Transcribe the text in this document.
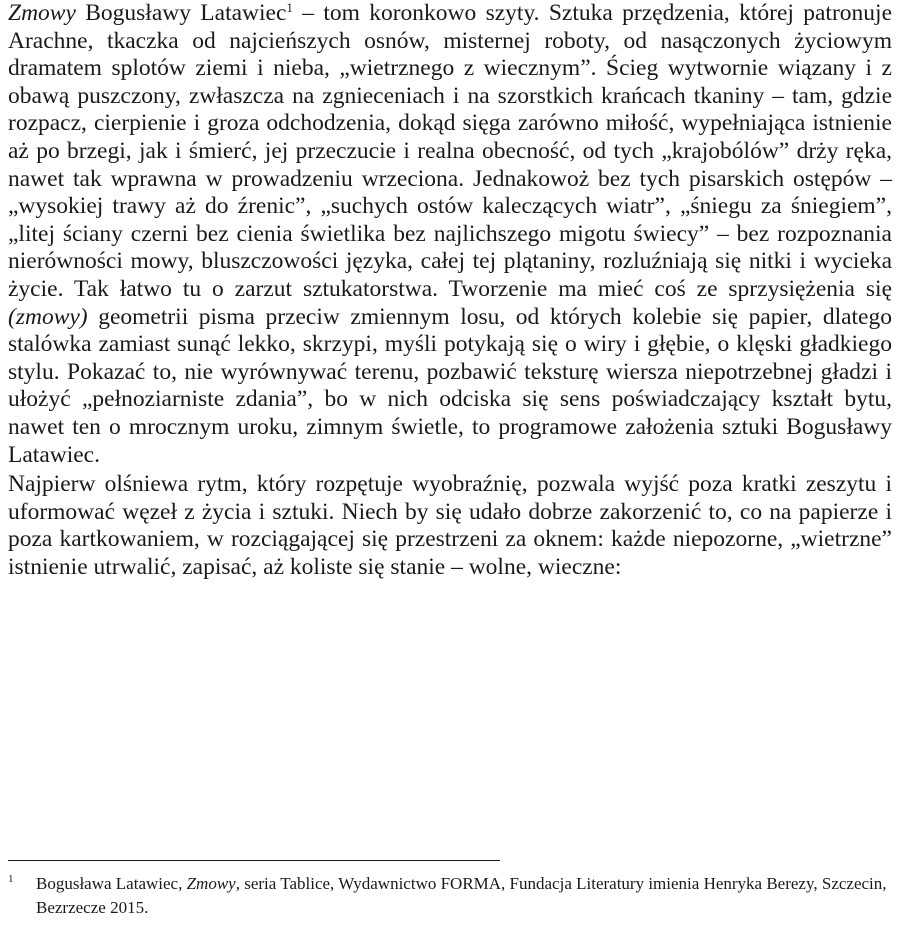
Zmowy Bogusławy Latawiec$^1$ – tom koronkowo szyty. Sztuka przędzenia, której patronuje Arachne, tkaczka od najcieńszych osnów, misternej roboty, od nasączonych życiowym dramatem splotów ziemi i nieba, „wietrznego z wiecznym”. Ścieg wytwornie wiązany i z obawą puszczony, zwłaszcza na zgnieceniach i na szorstkich krańcach tkaniny – tam, gdzie rozpacz, cierpienie i groza odchodzenia, dokąd sięga zarówno miłość, wypełniająca istnienie aż po brzegi, jak i śmierć, jej przeczucie i realna obecność, od tych „krajobólów” drży ręka, nawet tak wprawna w prowadzeniu wrzeciona. Jednakowoż bez tych pisarskich ostępów – „wysokiej trawy aż do źrenic”, „suchych ostów kaleczących wiatr”, „śniegu za śniegiem”, „litej ściany czerni bez cienia świetlika bez najlichszego migotu świecy” – bez rozpoznania nierówności mowy, bluszczowości języka, całej tej plątaniny, rozluźniają się nitki i wycieka życie. Tak łatwo tu o zarzut sztukatorstwa. Tworzenie ma mieć coś ze sprzysiężenia się (zmowy) geometrii pisma przeciw zmiennym losu, od których kolebie się papier, dlatego stalówka zamiast sunąć lekko, skrzypi, myśli potykają się o wiry i głębie, o klęski gładkiego stylu. Pokazać to, nie wyrównywać terenu, pozbawić teksturę wiersza niepotrzebnej gładzi i ułożyć „pełnoziarniste zdania”, bo w nich odciska się sens poświadczający kształt bytu, nawet ten o mrocznym uroku, zimnym świetle, to programowe założenia sztuki Bogusławy Latawiec.

Najpierw olśniewa rytm, który rozpętuje wyobraźnię, pozwala wyjść poza kratki zeszytu i uformować węzeł z życia i sztuki. Niech by się udało dobrze zakorzenić to, co na papierze i poza kartkowaniem, w rozciągającej się przestrzeni za oknem: każde niepozorne, „wietrzne” istnienie utrwalić, zapisać, aż koliste się stanie – wolne, wieczne:

1	Bogusława Latawiec, Zmowy, seria Tablice, Wydawnictwo FORMA, Fundacja Literatury imienia Henryka Berezy, Szczecin, Bezrzecze 2015.
